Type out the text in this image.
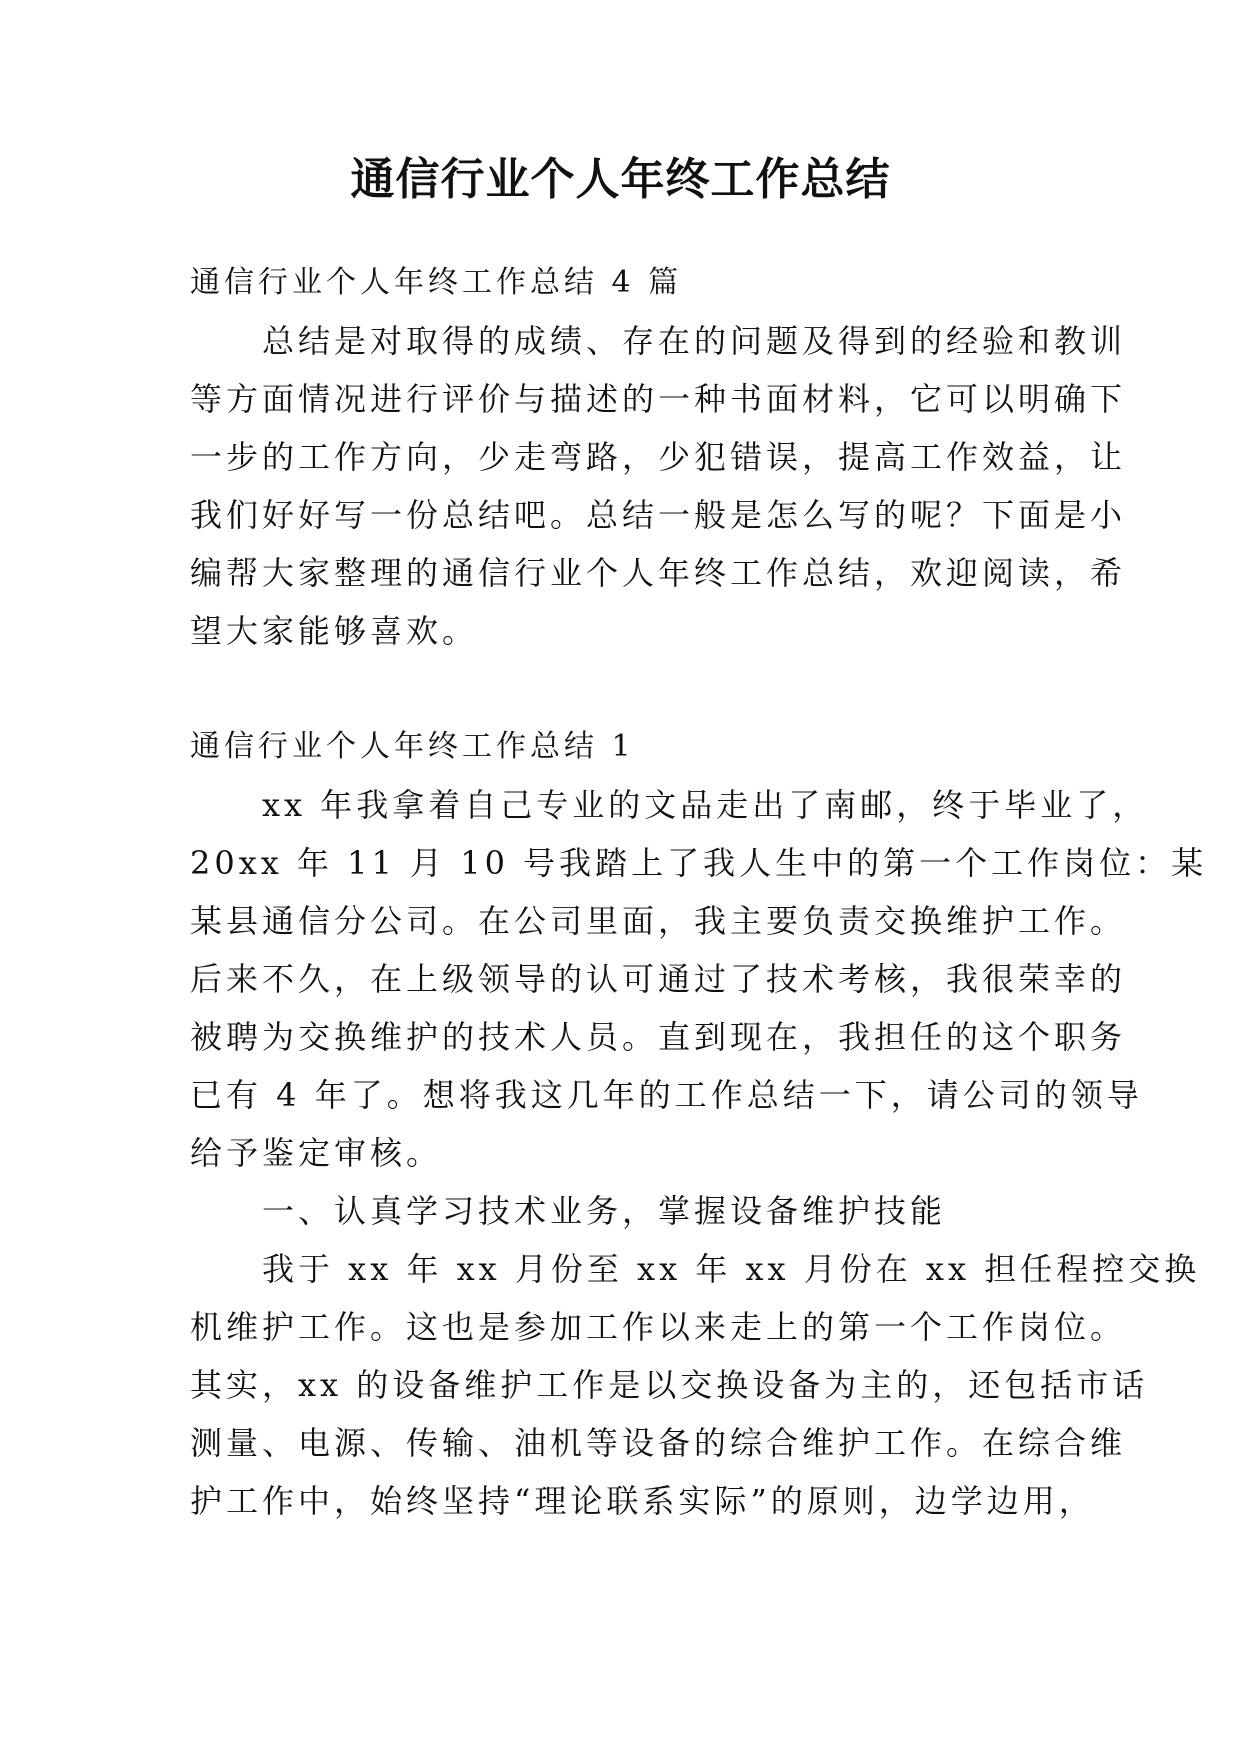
通信行业个人年终工作总结
通信行业个人年终工作总结 4 篇
　　总结是对取得的成绩、存在的问题及得到的经验和教训
等方面情况进行评价与描述的一种书面材料，它可以明确下
一步的工作方向，少走弯路，少犯错误，提高工作效益，让
我们好好写一份总结吧。总结一般是怎么写的呢？下面是小
编帮大家整理的通信行业个人年终工作总结，欢迎阅读，希
望大家能够喜欢。
通信行业个人年终工作总结 1
　　xx 年我拿着自己专业的文品走出了南邮，终于毕业了，
20xx 年 11 月 10 号我踏上了我人生中的第一个工作岗位：某
某县通信分公司。在公司里面，我主要负责交换维护工作。
后来不久，在上级领导的认可通过了技术考核，我很荣幸的
被聘为交换维护的技术人员。直到现在，我担任的这个职务
已有 4 年了。想将我这几年的工作总结一下，请公司的领导
给予鉴定审核。
　　一、认真学习技术业务，掌握设备维护技能
　　我于 xx 年 xx 月份至 xx 年 xx 月份在 xx 担任程控交换
机维护工作。这也是参加工作以来走上的第一个工作岗位。
其实，xx 的设备维护工作是以交换设备为主的，还包括市话
测量、电源、传输、油机等设备的综合维护工作。在综合维
护工作中，始终坚持“理论联系实际”的原则，边学边用，
